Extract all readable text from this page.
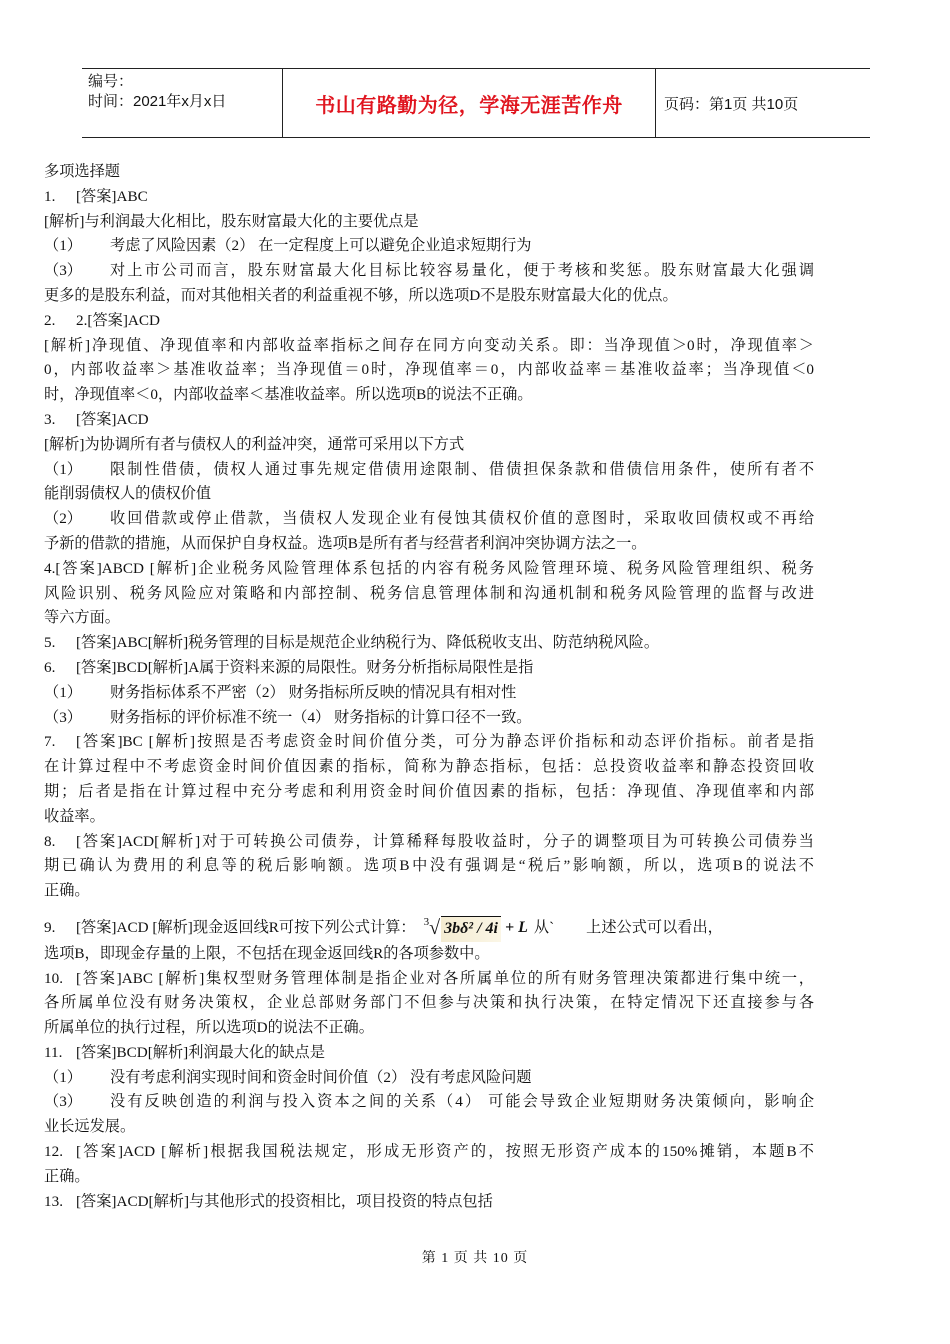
编号：
时间：2021年x月x日	书山有路勤为径，学海无涯苦作舟	页码：第1页 共10页
多项选择题
1.	[答案]ABC
[解析]与利润最大化相比，股东财富最大化的主要优点是
（1）	考虑了风险因素（2） 在一定程度上可以避免企业追求短期行为
（3）	对上市公司而言，股东财富最大化目标比较容易量化，便于考核和奖惩。股东财富最大化强调
更多的是股东利益，而对其他相关者的利益重视不够，所以选项D不是股东财富最大化的优点。
2.	2.[答案]ACD
[解析]净现值、净现值率和内部收益率指标之间存在同方向变动关系。即：当净现值＞0时，净现值率＞
0，内部收益率＞基准收益率；当净现值＝0时，净现值率＝0，内部收益率＝基准收益率；当净现值＜0
时，净现值率＜0，内部收益率＜基准收益率。所以选项B的说法不正确。
3.	[答案]ACD
[解析]为协调所有者与债权人的利益冲突，通常可采用以下方式
（1）	限制性借债，债权人通过事先规定借债用途限制、借债担保条款和借债信用条件，使所有者不
能削弱债权人的债权价值
（2）	收回借款或停止借款，当债权人发现企业有侵蚀其债权价值的意图时，采取收回债权或不再给
予新的借款的措施，从而保护自身权益。选项B是所有者与经营者利润冲突协调方法之一。
4.[答案]ABCD [解析]企业税务风险管理体系包括的内容有税务风险管理环境、税务风险管理组织、税务
风险识别、税务风险应对策略和内部控制、税务信息管理体制和沟通机制和税务风险管理的监督与改进
等六方面。
5.	[答案]ABC[解析]税务管理的目标是规范企业纳税行为、降低税收支出、防范纳税风险。
6.	[答案]BCD[解析]A属于资料来源的局限性。财务分析指标局限性是指
（1）	财务指标体系不严密（2） 财务指标所反映的情况具有相对性
（3）	财务指标的评价标准不统一（4） 财务指标的计算口径不一致。
7.	[答案]BC [解析]按照是否考虑资金时间价值分类，可分为静态评价指标和动态评价指标。前者是指
在计算过程中不考虑资金时间价值因素的指标，简称为静态指标，包括：总投资收益率和静态投资回收
期；后者是指在计算过程中充分考虑和利用资金时间价值因素的指标，包括：净现值、净现值率和内部
收益率。
8.	[答案]ACD[解析]对于可转换公司债券，计算稀释每股收益时，分子的调整项目为可转换公司债券当
期已确认为费用的利息等的税后影响额。选项B中没有强调是“税后”影响额，所以，选项B的说法不
正确。
9.	[答案]ACD [解析]现金返回线R可按下列公式计算： 3 √ 3bδ² / 4i
+ L 从` 上述公式可以看出，
选项B，即现金存量的上限，不包括在现金返回线R的各项参数中。
10. [答案]ABC [解析]集权型财务管理体制是指企业对各所属单位的所有财务管理决策都进行集中统一，
各所属单位没有财务决策权，企业总部财务部门不但参与决策和执行决策，在特定情况下还直接参与各
所属单位的执行过程，所以选项D的说法不正确。
11. [答案]BCD[解析]利润最大化的缺点是
（1）	没有考虑利润实现时间和资金时间价值（2） 没有考虑风险问题
（3）	没有反映创造的利润与投入资本之间的关系（4） 可能会导致企业短期财务决策倾向，影响企
业长远发展。
12. [答案]ACD [解析]根据我国税法规定，形成无形资产的，按照无形资产成本的150%摊销，本题B不
正确。
13. [答案]ACD[解析]与其他形式的投资相比，项目投资的特点包括
第 1 页 共 10 页
